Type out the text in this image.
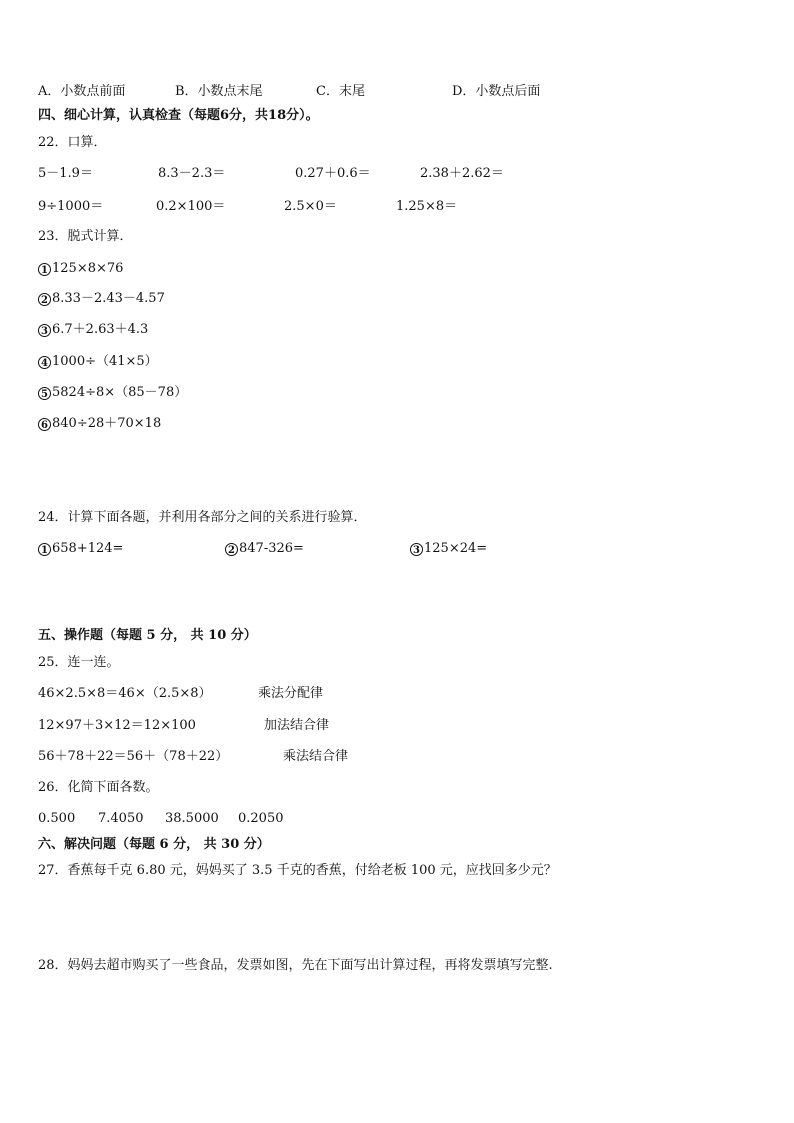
A．小数点前面	B．小数点末尾	C．末尾	D．小数点后面
四、细心计算，认真检查（每题6分，共18分）。
22．口算．
5－1.9＝	8.3－2.3＝	0.27＋0.6＝	2.38＋2.62＝
9÷1000＝	0.2×100＝	2.5×0＝	1.25×8＝
23．脱式计算．
1 125×8×76
2 8.33－2.43－4.57
3 6.7＋2.63＋4.3
4 1000÷（41×5）
5 5824÷8×（85－78）
6 840÷28＋70×18
24．计算下面各题，并利用各部分之间的关系进行验算．
1 658+124=	2 847-326=	3 125×24=
五、操作题（每题 5 分， 共 10 分）
25．连一连。
46×2.5×8＝46×（2.5×8）	乘法分配律
12×97＋3×12＝12×100	加法结合律
56＋78＋22＝56＋（78＋22）	乘法结合律
26．化简下面各数。
0.500 7.4050 38.5000 0.2050
六、解决问题（每题 6 分， 共 30 分）
27．香蕉每千克 6.80 元，妈妈买了 3.5 千克的香蕉，付给老板 100 元，应找回多少元？
28．妈妈去超市购买了一些食品，发票如图，先在下面写出计算过程，再将发票填写完整.
